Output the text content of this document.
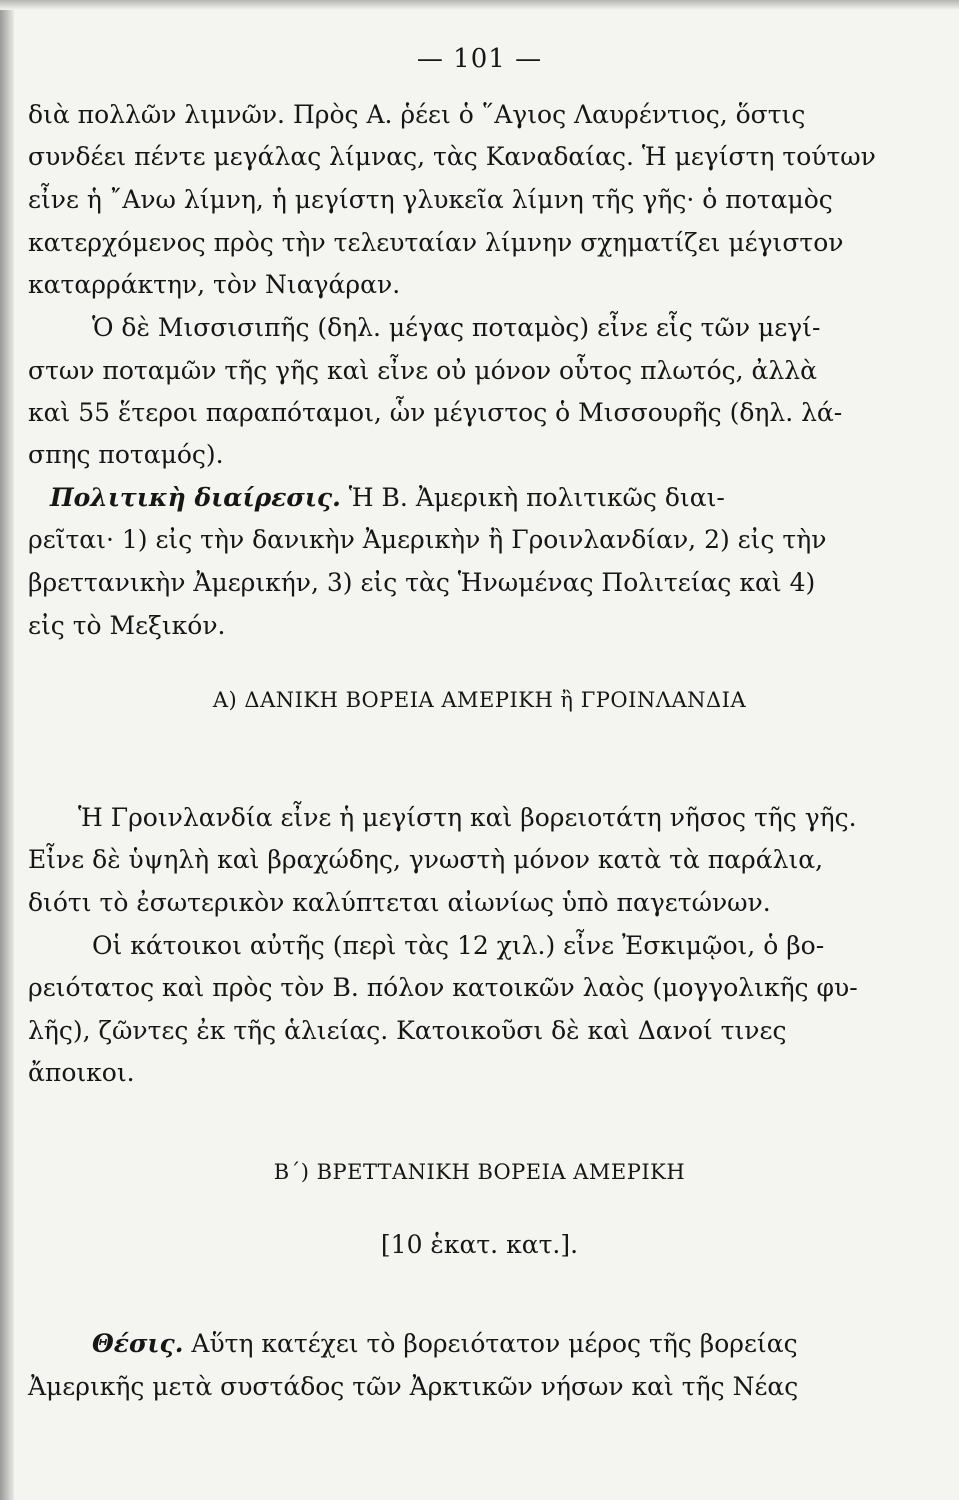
— 101 —
διὰ πολλῶν λιμνῶν. Πρὸς Α. ῥέει ὁ ῞Αγιος Λαυρέντιος, ὅστις
συνδέει πέντε μεγάλας λίμνας, τὰς Καναδαίας. Ἡ μεγίστη τούτων
εἶνε ἡ ῎Ανω λίμνη, ἡ μεγίστη γλυκεῖα λίμνη τῆς γῆς· ὁ ποταμὸς
κατερχόμενος πρὸς τὴν τελευταίαν λίμνην σχηματίζει μέγιστον
καταρράκτην, τὸν Νιαγάραν.
Ὁ δὲ Μισσισιπῆς (δηλ. μέγας ποταμὸς) εἶνε εἷς τῶν μεγί-
στων ποταμῶν τῆς γῆς καὶ εἶνε οὐ μόνον οὗτος πλωτός, ἀλλὰ
καὶ 55 ἕτεροι παραπόταμοι, ὧν μέγιστος ὁ Μισσουρῆς (δηλ. λά-
σπης ποταμός).
Πολιτικὴ διαίρεσις. Ἡ Β. Ἀμερικὴ πολιτικῶς διαι-
ρεῖται· 1) εἰς τὴν δανικὴν Ἀμερικὴν ἢ Γροινλανδίαν, 2) εἰς τὴν
βρεττανικὴν Ἀμερικήν, 3) εἰς τὰς Ἡνωμένας Πολιτείας καὶ 4)
εἰς τὸ Μεξικόν.
Α) ΔΑΝΙΚΗ ΒΟΡΕΙΑ ΑΜΕΡΙΚΗ ἢ ΓΡΟΙΝΛΑΝΔΙΑ
Ἡ Γροινλανδία εἶνε ἡ μεγίστη καὶ βορειοτάτη νῆσος τῆς γῆς.
Εἶνε δὲ ὑψηλὴ καὶ βραχώδης, γνωστὴ μόνον κατὰ τὰ παράλια,
διότι τὸ ἐσωτερικὸν καλύπτεται αἰωνίως ὑπὸ παγετώνων.
Οἱ κάτοικοι αὐτῆς (περὶ τὰς 12 χιλ.) εἶνε Ἐσκιμῷοι, ὁ βο-
ρειότατος καὶ πρὸς τὸν Β. πόλον κατοικῶν λαὸς (μογγολικῆς φυ-
λῆς), ζῶντες ἐκ τῆς ἁλιείας. Κατοικοῦσι δὲ καὶ Δανοί τινες
ἄποικοι.
Β΄) ΒΡΕΤΤΑΝΙΚΗ ΒΟΡΕΙΑ ΑΜΕΡΙΚΗ
[10 ἑκατ. κατ.].
Θέσις. Αὕτη κατέχει τὸ βορειότατον μέρος τῆς βορείας
Ἀμερικῆς μετὰ συστάδος τῶν Ἀρκτικῶν νήσων καὶ τῆς Νέας
